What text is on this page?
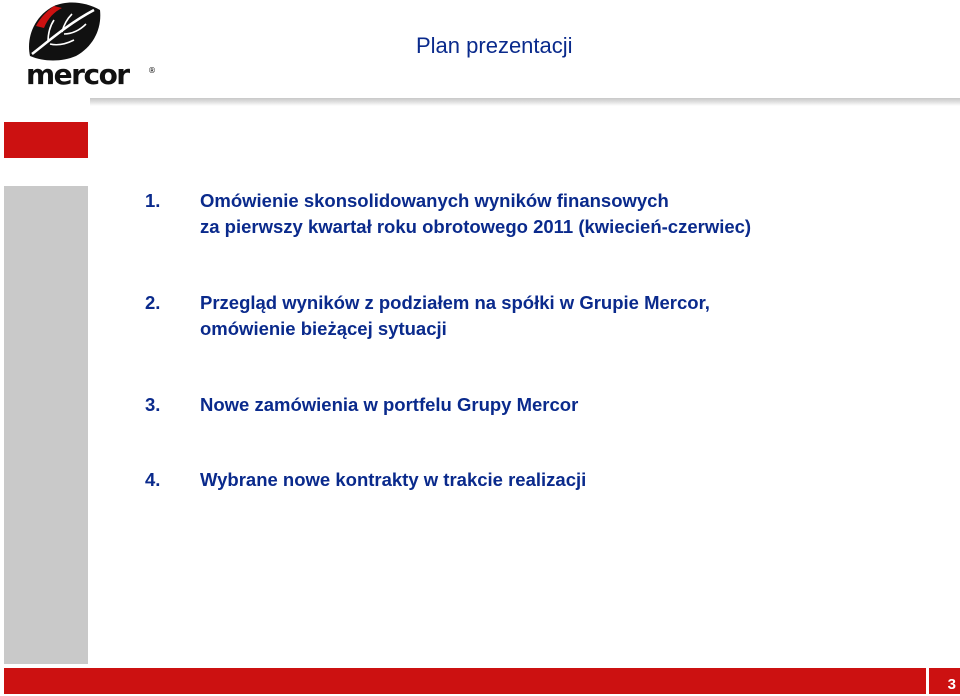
mercor ®
Plan prezentacji
1. Omówienie skonsolidowanych wyników finansowych
za pierwszy kwartał roku obrotowego 2011 (kwiecień-czerwiec)
2. Przegląd wyników z podziałem na spółki w Grupie Mercor,
omówienie bieżącej sytuacji
3. Nowe zamówienia w portfelu Grupy Mercor
4. Wybrane nowe kontrakty w trakcie realizacji
3
